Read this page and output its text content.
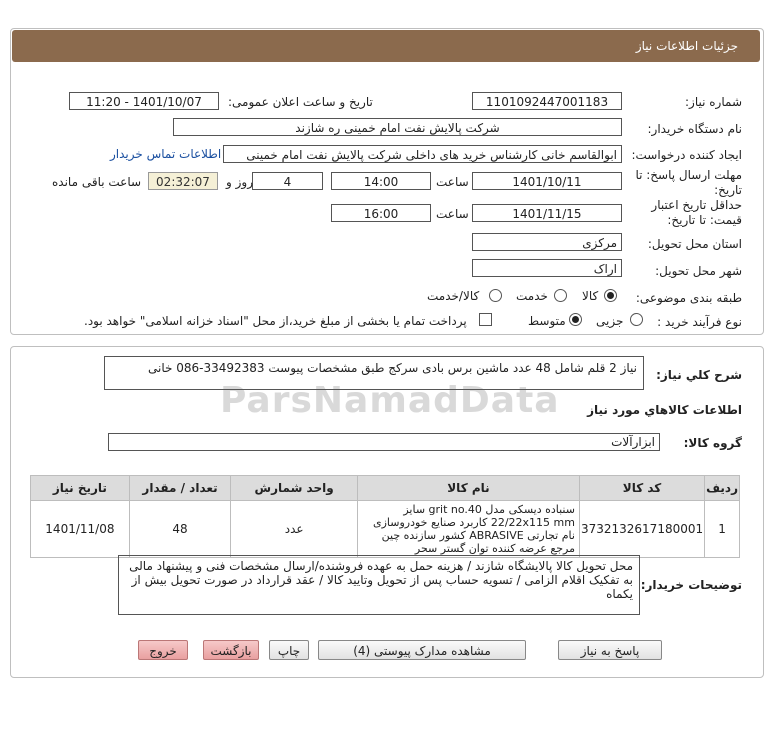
جزئیات اطلاعات نیاز
شماره نیاز:
1101092447001183
تاریخ و ساعت اعلان عمومی:
1401/10/07 - 11:20
نام دستگاه خریدار:
شرکت پالایش نفت امام خمینی ره شازند
ایجاد کننده درخواست:
ابوالقاسم خانی کارشناس خرید های داخلی شرکت پالایش نفت امام خمینی
اطلاعات تماس خریدار
مهلت ارسال پاسخ: تا
تاریخ:
1401/10/11
ساعت
14:00
4
روز و
02:32:07
ساعت باقی مانده
حداقل تاریخ اعتبار
قیمت: تا تاریخ:
1401/11/15
ساعت
16:00
استان محل تحویل:
مرکزی
شهر محل تحویل:
اراک
طبقه بندی موضوعی:
کالا
خدمت
کالا/خدمت
نوع فرآیند خرید :
جزیی
متوسط
پرداخت تمام یا بخشی از مبلغ خرید،از محل "اسناد خزانه اسلامی" خواهد بود.
ParsNamadData
شرح کلي نياز:
نیاز 2 قلم شامل 48 عدد ماشین برس بادی سرکج طبق مشخصات پیوست 33492383-086 خانی
اطلاعات کالاهاي مورد نياز
گروه کالا:
ابزارآلات
ردیف	کد کالا	نام کالا	واحد شمارش	تعداد / مقدار	تاریخ نیاز
1	3732132617180001	سنباده دیسکی مدل grit no.40 سایز 22/22x115 mm کاربرد صنایع خودروسازی نام تجارتی ABRASIVE کشور سازنده چین مرجع عرضه کننده توان گستر سحر	عدد	48	1401/11/08
توضیحات خریدار:
محل تحویل کالا پالایشگاه شازند / هزینه حمل به عهده فروشنده/ارسال مشخصات فنی و پیشنهاد مالی به تفکیک اقلام الزامی / تسویه حساب پس از تحویل وتایید کالا / عقد قرارداد در صورت تحویل بیش از یکماه
پاسخ به نیاز
مشاهده مدارک پیوستی (4)
چاپ
بازگشت
خروج
